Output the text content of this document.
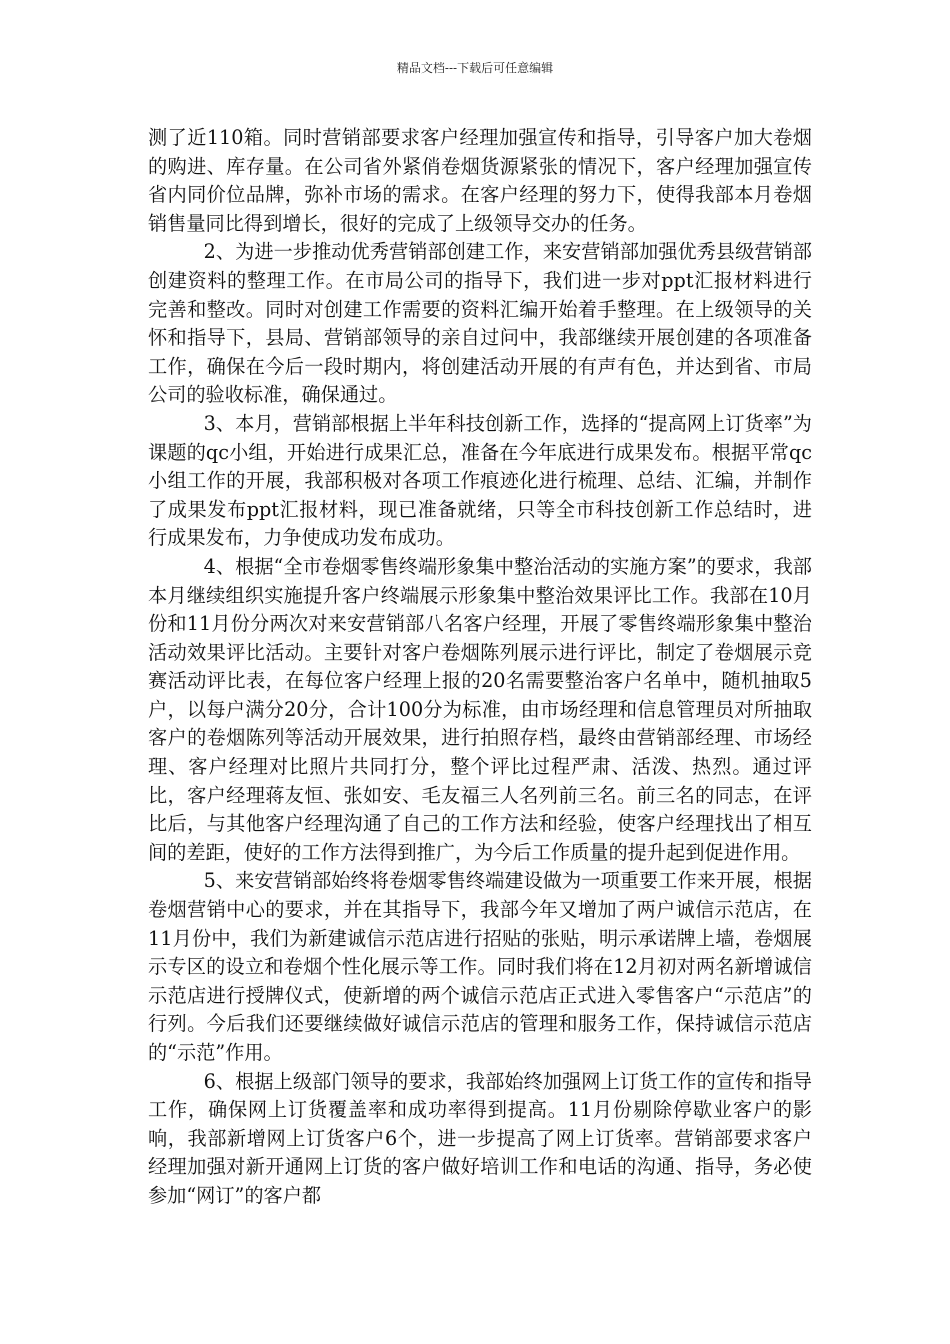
精品文档---下载后可任意编辑

测了近110箱。同时营销部要求客户经理加强宣传和指导，引导客户加大卷烟的购进、库存量。在公司省外紧俏卷烟货源紧张的情况下，客户经理加强宣传省内同价位品牌，弥补市场的需求。在客户经理的努力下，使得我部本月卷烟销售量同比得到增长，很好的完成了上级领导交办的任务。

2、为进一步推动优秀营销部创建工作，来安营销部加强优秀县级营销部创建资料的整理工作。在市局公司的指导下，我们进一步对ppt汇报材料进行完善和整改。同时对创建工作需要的资料汇编开始着手整理。在上级领导的关怀和指导下，县局、营销部领导的亲自过问中，我部继续开展创建的各项准备工作，确保在今后一段时期内，将创建活动开展的有声有色，并达到省、市局公司的验收标准，确保通过。

3、本月，营销部根据上半年科技创新工作，选择的“提高网上订货率”为课题的qc小组，开始进行成果汇总，准备在今年底进行成果发布。根据平常qc小组工作的开展，我部积极对各项工作痕迹化进行梳理、总结、汇编，并制作了成果发布ppt汇报材料，现已准备就绪，只等全市科技创新工作总结时，进行成果发布，力争使成功发布成功。

4、根据“全市卷烟零售终端形象集中整治活动的实施方案”的要求，我部本月继续组织实施提升客户终端展示形象集中整治效果评比工作。我部在10月份和11月份分两次对来安营销部八名客户经理，开展了零售终端形象集中整治活动效果评比活动。主要针对客户卷烟陈列展示进行评比，制定了卷烟展示竞赛活动评比表，在每位客户经理上报的20名需要整治客户名单中，随机抽取5户，以每户满分20分，合计100分为标准，由市场经理和信息管理员对所抽取客户的卷烟陈列等活动开展效果，进行拍照存档，最终由营销部经理、市场经理、客户经理对比照片共同打分，整个评比过程严肃、活泼、热烈。通过评比，客户经理蒋友恒、张如安、毛友福三人名列前三名。前三名的同志，在评比后，与其他客户经理沟通了自己的工作方法和经验，使客户经理找出了相互间的差距，使好的工作方法得到推广，为今后工作质量的提升起到促进作用。

5、来安营销部始终将卷烟零售终端建设做为一项重要工作来开展，根据卷烟营销中心的要求，并在其指导下，我部今年又增加了两户诚信示范店，在11月份中，我们为新建诚信示范店进行招贴的张贴，明示承诺牌上墙，卷烟展示专区的设立和卷烟个性化展示等工作。同时我们将在12月初对两名新增诚信示范店进行授牌仪式，使新增的两个诚信示范店正式进入零售客户“示范店”的行列。今后我们还要继续做好诚信示范店的管理和服务工作，保持诚信示范店的“示范”作用。

6、根据上级部门领导的要求，我部始终加强网上订货工作的宣传和指导工作，确保网上订货覆盖率和成功率得到提高。11月份剔除停歇业客户的影响，我部新增网上订货客户6个，进一步提高了网上订货率。营销部要求客户经理加强对新开通网上订货的客户做好培训工作和电话的沟通、指导，务必使参加“网订”的客户都
